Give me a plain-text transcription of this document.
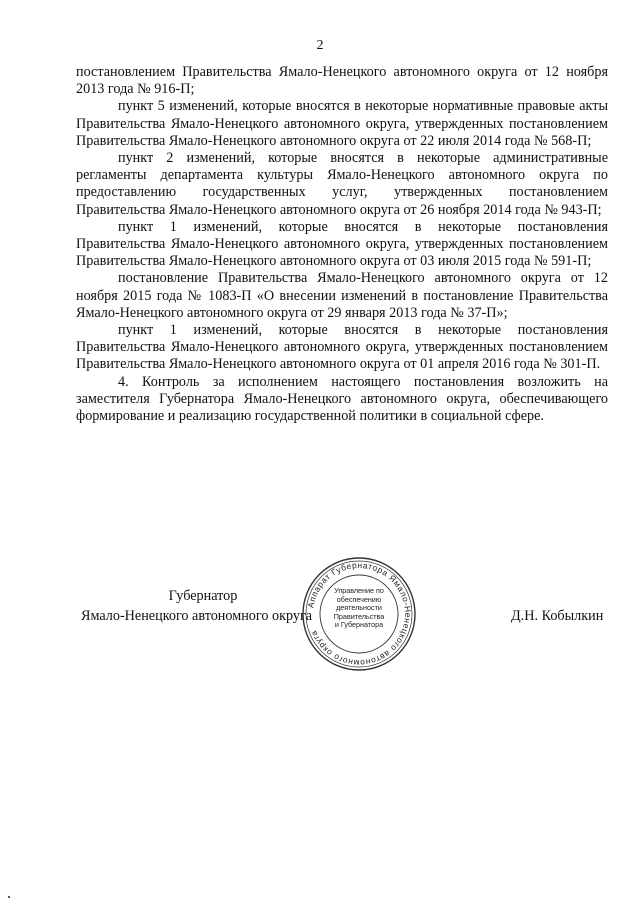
2

постановлением Правительства Ямало-Ненецкого автономного округа от 12 ноября 2013 года № 916-П;

пункт 5 изменений, которые вносятся в некоторые нормативные правовые акты Правительства Ямало-Ненецкого автономного округа, утвержденных постановлением Правительства Ямало-Ненецкого автономного округа от 22 июля 2014 года № 568-П;

пункт 2 изменений, которые вносятся в некоторые административные регламенты департамента культуры Ямало-Ненецкого автономного округа по предоставлению государственных услуг, утвержденных постановлением Правительства Ямало-Ненецкого автономного округа от 26 ноября 2014 года № 943-П;

пункт 1 изменений, которые вносятся в некоторые постановления Правительства Ямало-Ненецкого автономного округа, утвержденных постановлением Правительства Ямало-Ненецкого автономного округа от 03 июля 2015 года № 591-П;

постановление Правительства Ямало-Ненецкого автономного округа от 12 ноября 2015 года № 1083-П «О внесении изменений в постановление Правительства Ямало-Ненецкого автономного округа от 29 января 2013 года № 37-П»;

пункт 1 изменений, которые вносятся в некоторые постановления Правительства Ямало-Ненецкого автономного округа, утвержденных постановлением Правительства Ямало-Ненецкого автономного округа от 01 апреля 2016 года № 301-П.

4. Контроль за исполнением настоящего постановления возложить на заместителя Губернатора Ямало-Ненецкого автономного округа, обеспечивающего формирование и реализацию государственной политики в социальной сфере.

Губернатор
Ямало-Ненецкого автономного округа	Д.Н. Кобылкин
Аппарат Губернатора Ямало-Ненецкого автономного округа
Управление по
обеспечению
деятельности
Правительства
и Губернатора
